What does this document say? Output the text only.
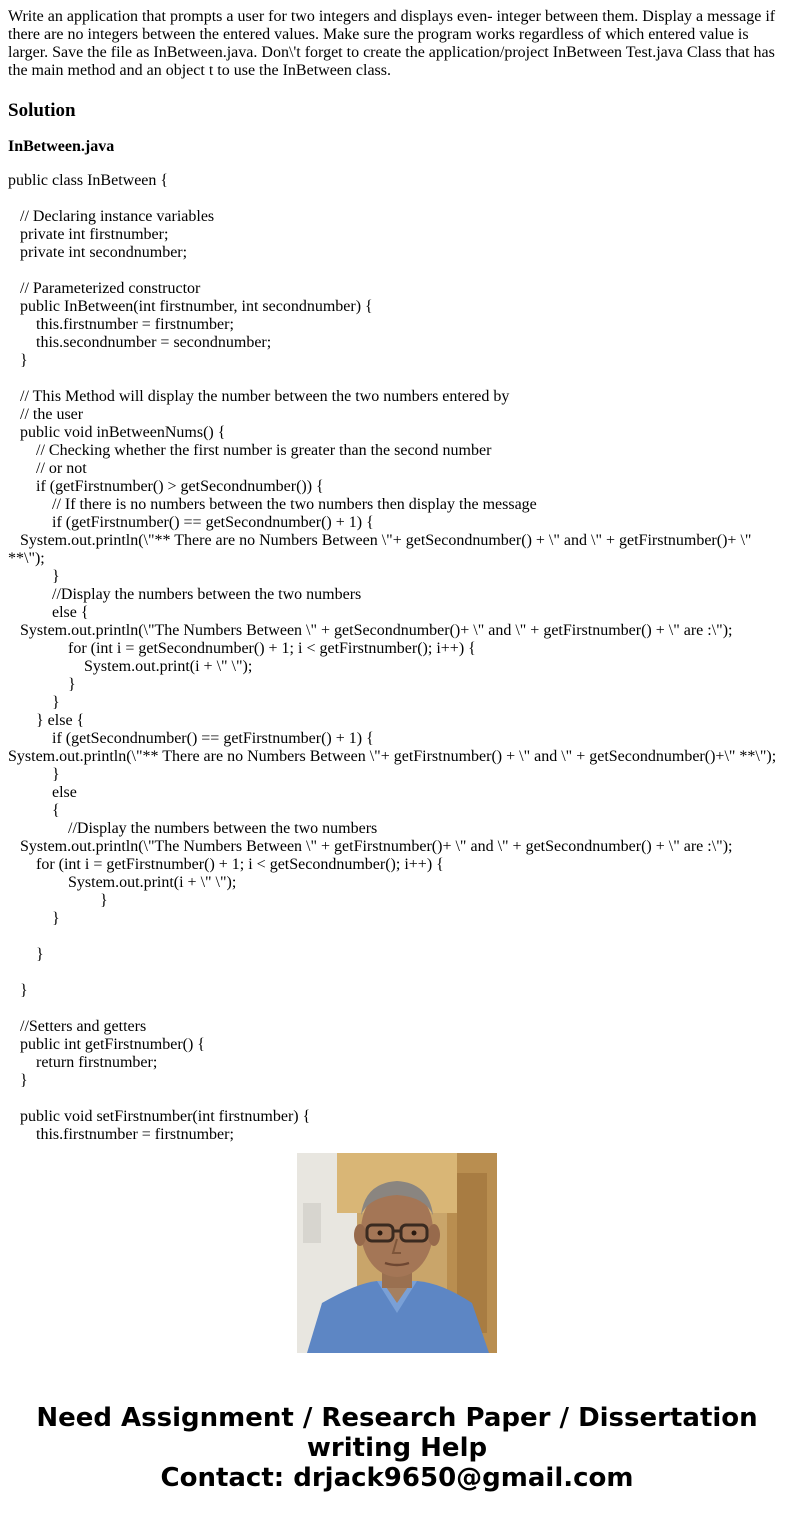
Write an application that prompts a user for two integers and displays even- integer between them. Display a message if there are no integers between the entered values. Make sure the program works regardless of which entered value is larger. Save the file as InBetween.java. Don\'t forget to create the application/project InBetween Test.java Class that has the main method and an object t to use the InBetween class.
Solution
InBetween.java
public class InBetween {
// Declaring instance variables
private int firstnumber;
private int secondnumber;
// Parameterized constructor
public InBetween(int firstnumber, int secondnumber) {
this.firstnumber = firstnumber;
this.secondnumber = secondnumber;
}
// This Method will display the number between the two numbers entered by
// the user
public void inBetweenNums() {
// Checking whether the first number is greater than the second number
// or not
if (getFirstnumber() > getSecondnumber()) {
// If there is no numbers between the two numbers then display the message
if (getFirstnumber() == getSecondnumber() + 1) {
System.out.println(\"** There are no Numbers Between \"+ getSecondnumber() + \" and \" + getFirstnumber()+ \" **\");
}
//Display the numbers between the two numbers
else {
System.out.println(\"The Numbers Between \" + getSecondnumber()+ \" and \" + getFirstnumber() + \" are :\");
for (int i = getSecondnumber() + 1; i < getFirstnumber(); i++) {
System.out.print(i + \" \");
}
}
} else {
if (getSecondnumber() == getFirstnumber() + 1) {
System.out.println(\"** There are no Numbers Between \"+ getFirstnumber() + \" and \" + getSecondnumber()+\" **\");
}
else
{
//Display the numbers between the two numbers
System.out.println(\"The Numbers Between \" + getFirstnumber()+ \" and \" + getSecondnumber() + \" are :\");
for (int i = getFirstnumber() + 1; i < getSecondnumber(); i++) {
System.out.print(i + \" \");
}
}
}
}
//Setters and getters
public int getFirstnumber() {
return firstnumber;
}
public void setFirstnumber(int firstnumber) {
this.firstnumber = firstnumber;
Need Assignment / Research Paper / Dissertation
writing Help
Contact: drjack9650@gmail.com
